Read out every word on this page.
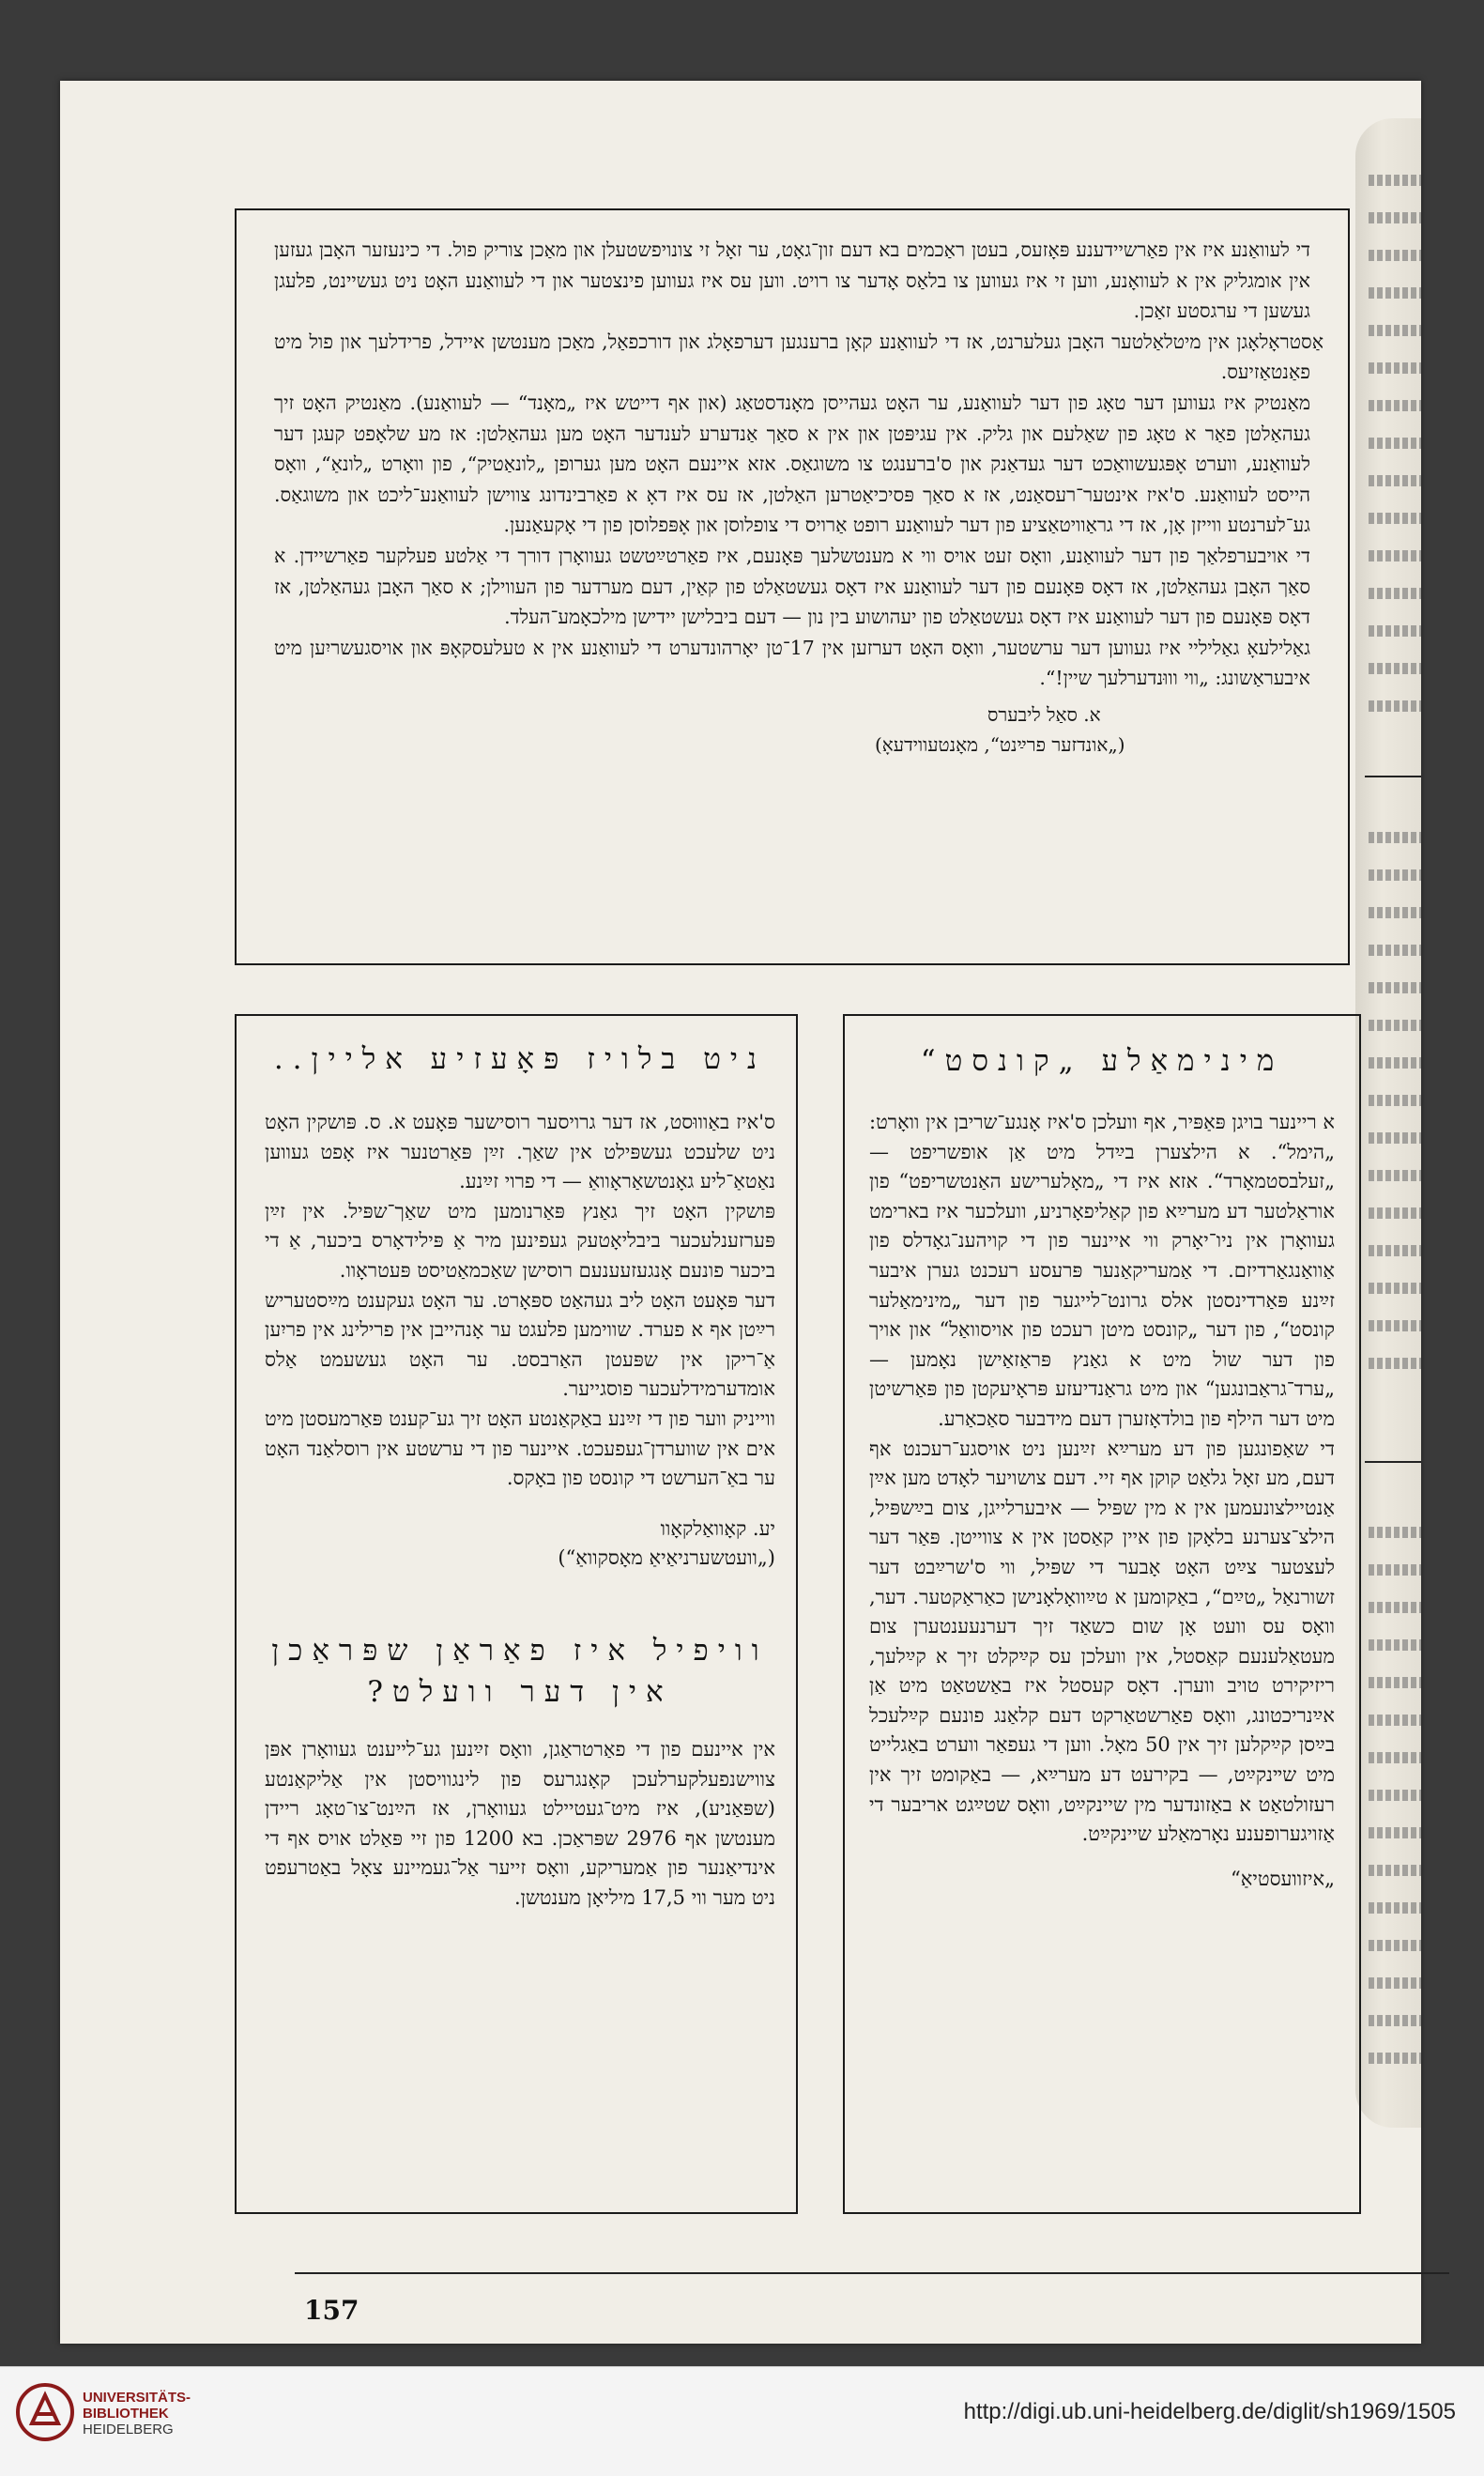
די לעוואַנע איז אין פאַרשיידענע פּאָזעס, בעטן ראַכמים בא דעם זון־גאָט, ער זאָל זי צונויפשטעלן און מאַכן צוריק פול. די כינעזער האָבן געזען אין אומגליק אין א לעוואָנע, ווען זי איז געווען צו בלאַס אָדער צו רויט. ווען עס איז געווען פינצטער און די לעוואַנע האָט ניט געשיינט, פלעגן געשען די ערגסטע זאַכן.

אַסטראָלאָגן אין מיטלאַלטער האָבן געלערנט, אז די לעוואַנע קאָן ברענגען דערפאָלג און דורכפאַל, מאַכן מענטשן איידל, פרידלעך און פול מיט פאַנטאַזיעס.

מאַנטיק איז געווען דער טאָג פון דער לעוואַנע, ער האָט געהייסן מאָנדסטאַג (און אף דייטש איז „מאָנד“ — לעוואַנע). מאַנטיק האָט זיך געהאַלטן פאַר א טאָג פון שאַלעם און גליק. אין עגיפּטן און אין א סאַך אַנדערע לענדער האָט מען געהאַלטן: אז מע שלאָפט קעגן דער לעוואַנע, ווערט אָפּגעשוואַכט דער געדאַנק און ס'ברענגט צו משוגאַס. אזא איינעם האָט מען גערופן „לונאַטיק“, פון וואָרט „לונאַ“, וואָס הייסט לעוואַנע. ס'איז אינטער־רעסאַנט, אז א סאַך פּסיכיאַטרען האַלטן, אז עס איז דאָ א פאַרבינדונג צווישן לעוואַנע־ליכט און משוגאַס. גע־לערנטע ווייזן אָן, אז די גראַוויטאַציע פון דער לעוואַנע רופט אַרויס די צופלוסן און אָפּפלוסן פון די אָקעאַנען.

די אויבערפלאַך פון דער לעוואַנע, וואָס זעט אויס ווי א מענטשלעך פּאָנעם, איז פאַרטײַטשט געוואָרן דורך די אַלטע פעלקער פאַרשיידן. א סאַך האָבן געהאַלטן, אז דאָס פּאָנעם פון דער לעוואַנע איז דאָס געשטאַלט פון קאַין, דעם מערדער פון העווילן; א סאַך האָבן געהאַלטן, אז דאָס פּאָנעם פון דער לעוואַנע איז דאָס געשטאַלט פון יעהושוע בין נון — דעם ביבלישן יידישן מילכאָמע־העלד.

גאַלילעאָ גאַליליי איז געווען דער ערשטער, וואָס האָט דערזען אין 17־טן יאָרהונדערט די לעוואַנע אין א טעלעסקאָפּ און אויסגעשריִען מיט איבעראַשונג: „ווי וווּנדערלעך שיין!“.

א. סאַל ליבערס
(„אונדזער פרײַנט“, מאָנטעווידעאָ)
ניט בלויז פּאָעזיע אליין..

ס'איז באַוווּסט, אז דער גרויסער רוסישער פּאָעט א. ס. פּושקין האָט ניט שלעכט געשפּילט אין שאַך. זײַן פּאַרטנער איז אָפט געווען נאַטאַ־ליע גאָנטשאַראָוואַ — די פרוי זײַנע.

פּושקין האָט זיך גאַנץ פּאַרנומען מיט שאַך־שפּיל. אין זײַן פּערזענלעכער ביבליאָטעק געפינען מיר אַ פּילידאָרס ביכער, אַ די ביכער פונעם אָנגעזעענעם רוסישן שאַכמאַטיסט פּעטראָוו.

דער פּאָעט האָט ליב געהאַט ספּאָרט. ער האָט געקענט מײַסטעריש רײַטן אף א פערד. שווימען פלעגט ער אָנהייבן אין פרילינג אין פריִען אַ־ריקן אין שפּעטן האַרבסט. ער האָט געשעמט אַלס אומדערמידלעכער פוסגייער.

ווייניק ווער פון די זײַנע באַקאַנטע האָט זיך גע־קענט פּאַרמעסטן מיט אים אין שווערדן־געפעכט. איינער פון די ערשטע אין רוסלאַנד האָט ער באַ־הערשט די קונסט פון באָקס.

יע. קאָוואַלקאָוו
(„וועטשערניאַיאַ מאָסקוואַ“)
וויפיל איז פאַראַן שפּראַכן
אין דער וועלט?

אין איינעם פון די פאַרטראַגן, וואָס זײַנען גע־לייענט געוואָרן אפּן צווישנפעלקערלעכן קאָנגרעס פון לינגוויסטן אין אַליקאַנטע (שפּאַניע), איז מיט־געטיילט געוואָרן, אז הײַנט־צו־טאָג ריידן מענטשן אף 2976 שפּראַכן. בא 1200 פון זיי פּאַלט אויס אף די אינדיאַנער פון אַמעריקע, וואָס זייער אַל־געמיינע צאָל באַטרעפט ניט מער ווי 17,5 מיליאָן מענטשן.

מינימאַלע „קונסט“

א ריינער בויגן פּאַפּיר, אף וועלכן ס'איז אָנגע־שריבן אין וואָרט: „הימל“. א הילצערן בײַדל מיט אַן אופשריפט — „זעלבסטמאָרד“. אזא איז די „מאָלערישע האַנטשריפט“ פון אוראַלטער דע מערײַא פון קאַליפאָרניע, וועלכער איז בארימט געוואָרן אין ניו־יאָרק ווי איינער פון די קויהענ־גאָדלס פון אַוואַנגאַרדיזם. די אַמעריקאַנער פּרעסע רעכנט גערן איבער זײַנע פּאַרדינסטן אלס גרונט־לייגער פון דער „מינימאַלער קונסט“, פון דער „קונסט מיטן רעכט פון אויסוואַל“ און אויך פון דער שול מיט א גאַנץ פּראַזאַישן נאָמען — „ערד־גראַבונגען“ און מיט גראַנדיעזע פּראָיעקטן פון פּאַרשיטן מיט דער הילף פון בולדאָזערן דעם מידבער סאַכאַרע.

די שאַפונגען פון דע מערײַא זײַנען ניט אויסגע־רעכנט אף דעם, מע זאָל גלאַט קוקן אף זיי. דעם צושויער לאָדט מען אײַן אַנטיילצונעמען אין א מין שפּיל — איבערלייגן, צום בײַשפּיל, הילצ־צערנע בלאָקן פון איין קאַסטן אין א צווייטן. פּאַר דער לעצטער צײַט האָט אָבער די שפּיל, ווי ס'שרײַבט דער זשורנאַל „טײַם“, באַקומען א טײַוואָלאָנישן כאַראַקטער. דער, וואָס עס וועט אָן שום כשאַד זיך דערנעענטערן צום מעטאַלענעם קאַסטל, אין וועלכן עס קײַקלט זיך א קײַלעך, ריזיקירט טויב ווערן. דאָס קעסטל איז באַשטאַט מיט אַן אײַנריכטונג, וואָס פאַרשטאַרקט דעם קלאַנג פונעם קײַלעכל בײַסן קײַקלען זיך אין 50 מאָל. ווען די געפאַר ווערט באַגלייט מיט שײנקײַט, — בקירעט דע מערײַא, — באַקומט זיך אין רעזולטאַט א באַזונדער מין שיינקײַט, וואָס שטײַגט אריבער די אַזויגערופענע נאָרמאַלע שיינקײַט.

„איזוועסטיאַ“
157
UNIVERSITÄTS-
BIBLIOTHEK
HEIDELBERG
http://digi.ub.uni-heidelberg.de/diglit/sh1969/1505
